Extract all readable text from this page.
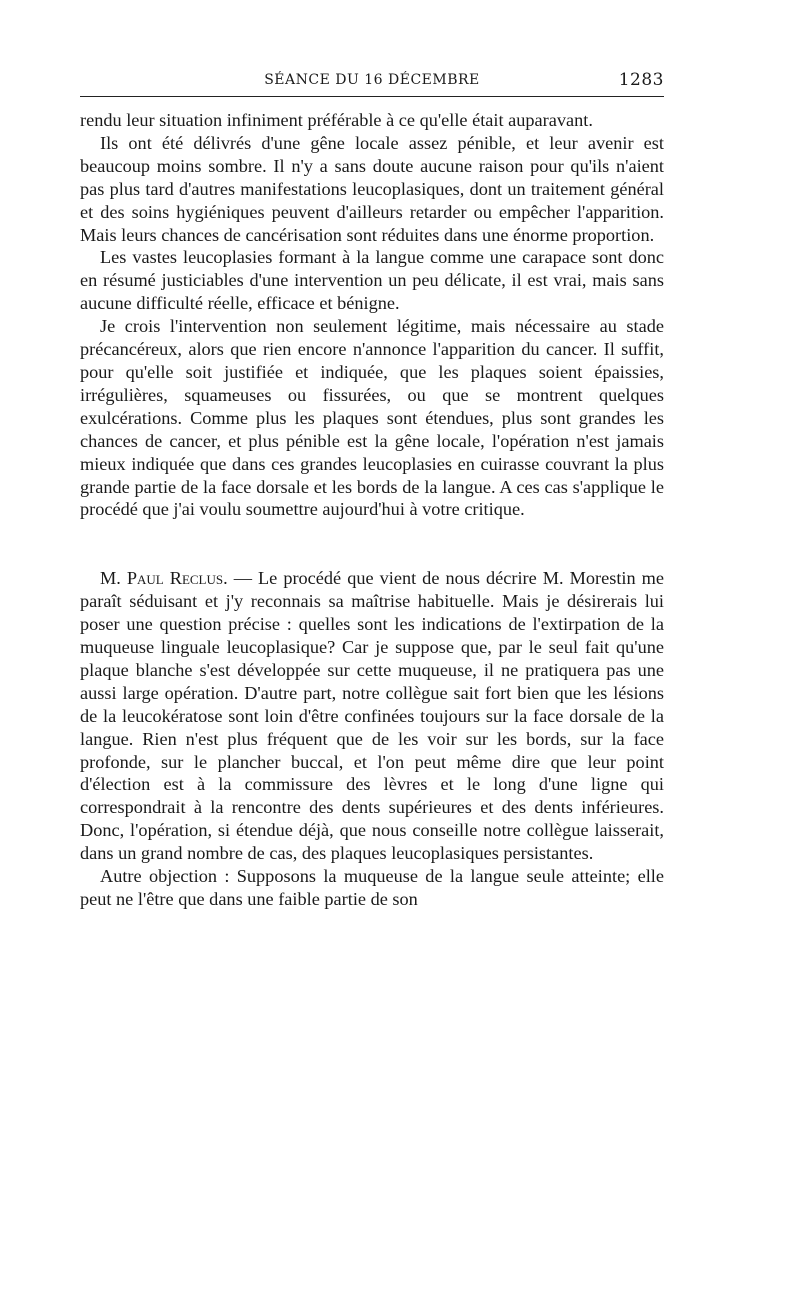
SÉANCE DU 16 DÉCEMBRE	1283

rendu leur situation infiniment préférable à ce qu'elle était auparavant.

Ils ont été délivrés d'une gêne locale assez pénible, et leur avenir est beaucoup moins sombre. Il n'y a sans doute aucune raison pour qu'ils n'aient pas plus tard d'autres manifestations leucoplasiques, dont un traitement général et des soins hygiéniques peuvent d'ailleurs retarder ou empêcher l'apparition. Mais leurs chances de cancérisation sont réduites dans une énorme proportion.

Les vastes leucoplasies formant à la langue comme une carapace sont donc en résumé justiciables d'une intervention un peu délicate, il est vrai, mais sans aucune difficulté réelle, efficace et bénigne.

Je crois l'intervention non seulement légitime, mais nécessaire au stade précancéreux, alors que rien encore n'annonce l'apparition du cancer. Il suffit, pour qu'elle soit justifiée et indiquée, que les plaques soient épaissies, irrégulières, squameuses ou fissurées, ou que se montrent quelques exulcérations. Comme plus les plaques sont étendues, plus sont grandes les chances de cancer, et plus pénible est la gêne locale, l'opération n'est jamais mieux indiquée que dans ces grandes leucoplasies en cuirasse couvrant la plus grande partie de la face dorsale et les bords de la langue. A ces cas s'applique le procédé que j'ai voulu soumettre aujourd'hui à votre critique.

M. Paul Reclus. — Le procédé que vient de nous décrire M. Morestin me paraît séduisant et j'y reconnais sa maîtrise habituelle. Mais je désirerais lui poser une question précise : quelles sont les indications de l'extirpation de la muqueuse linguale leucoplasique? Car je suppose que, par le seul fait qu'une plaque blanche s'est développée sur cette muqueuse, il ne pratiquera pas une aussi large opération. D'autre part, notre collègue sait fort bien que les lésions de la leucokératose sont loin d'être confinées toujours sur la face dorsale de la langue. Rien n'est plus fréquent que de les voir sur les bords, sur la face profonde, sur le plancher buccal, et l'on peut même dire que leur point d'élection est à la commissure des lèvres et le long d'une ligne qui correspondrait à la rencontre des dents supérieures et des dents inférieures. Donc, l'opération, si étendue déjà, que nous conseille notre collègue laisserait, dans un grand nombre de cas, des plaques leucoplasiques persistantes.

Autre objection : Supposons la muqueuse de la langue seule atteinte; elle peut ne l'être que dans une faible partie de son
